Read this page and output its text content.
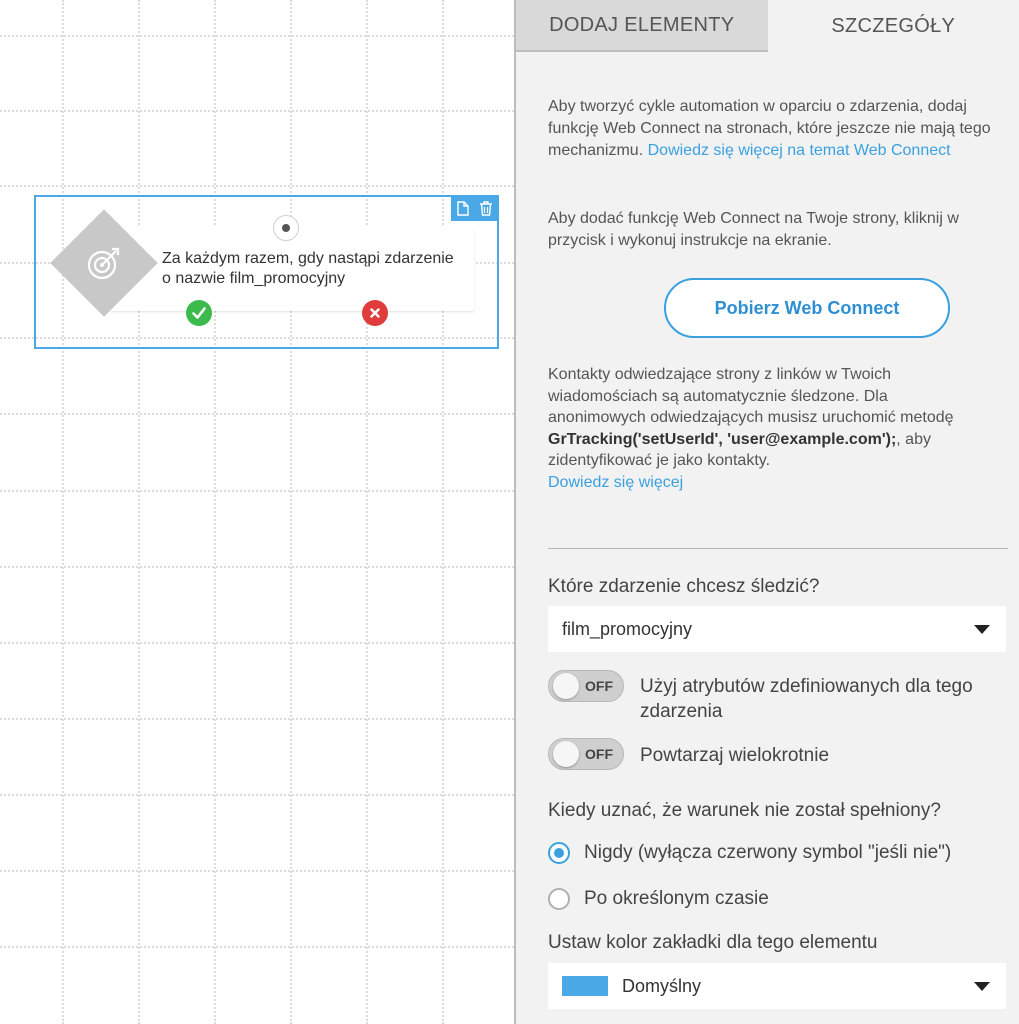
Za każdym razem, gdy nastąpi zdarzenie o nazwie film_promocyjny
DODAJ ELEMENTY	SZCZEGÓŁY

Aby tworzyć cykle automation w oparciu o zdarzenia, dodaj funkcję Web Connect na stronach, które jeszcze nie mają tego mechanizmu. Dowiedz się więcej na temat Web Connect

Aby dodać funkcję Web Connect na Twoje strony, kliknij w przycisk i wykonuj instrukcje na ekranie.

Pobierz Web Connect

Kontakty odwiedzające strony z linków w Twoich wiadomościach są automatycznie śledzone. Dla anonimowych odwiedzających musisz uruchomić metodę GrTracking('setUserId', 'user@example.com');, aby zidentyfikować je jako kontakty.
Dowiedz się więcej

Które zdarzenie chcesz śledzić?
film_promocyjny
OFF Użyj atrybutów zdefiniowanych dla tego zdarzenia
OFF Powtarzaj wielokrotnie
Kiedy uznać, że warunek nie został spełniony?
Nigdy (wyłącza czerwony symbol "jeśli nie")
Po określonym czasie
Ustaw kolor zakładki dla tego elementu
Domyślny
